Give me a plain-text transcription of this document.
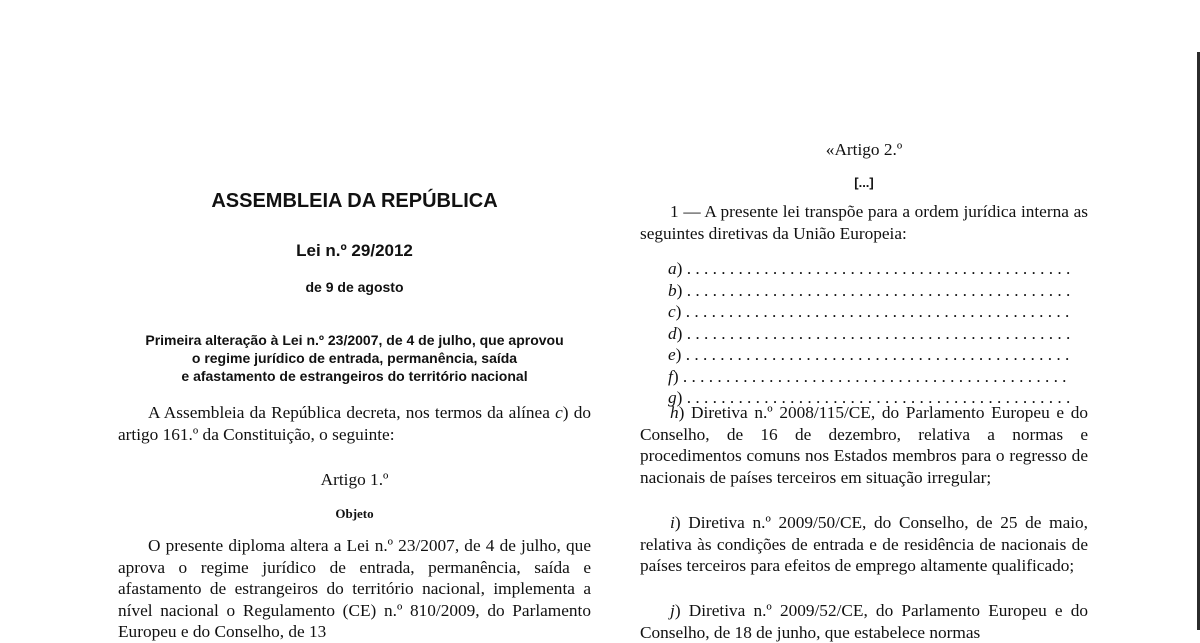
ASSEMBLEIA DA REPÚBLICA
Lei n.º 29/2012
de 9 de agosto
Primeira alteração à Lei n.º 23/2007, de 4 de julho, que aprovou
o regime jurídico de entrada, permanência, saída
e afastamento de estrangeiros do território nacional

A Assembleia da República decreta, nos termos da alínea c) do artigo 161.º da Constituição, o seguinte:

Artigo 1.º
Objeto

O presente diploma altera a Lei n.º 23/2007, de 4 de julho, que aprova o regime jurídico de entrada, permanência, saída e afastamento de estrangeiros do território nacional, implementa a nível nacional o Regulamento (CE) n.º 810/2009, do Parlamento Europeu e do Conselho, de 13

«Artigo 2.º
[...]

1 — A presente lei transpõe para a ordem jurídica interna as seguintes diretivas da União Europeia:

a) .............................................
b) .............................................
c) .............................................
d) .............................................
e) .............................................
f) .............................................
g) .............................................

h) Diretiva n.º 2008/115/CE, do Parlamento Europeu e do Conselho, de 16 de dezembro, relativa a normas e procedimentos comuns nos Estados membros para o regresso de nacionais de países terceiros em situação irregular;

i) Diretiva n.º 2009/50/CE, do Conselho, de 25 de maio, relativa às condições de entrada e de residência de nacionais de países terceiros para efeitos de emprego altamente qualificado;

j) Diretiva n.º 2009/52/CE, do Parlamento Europeu e do Conselho, de 18 de junho, que estabelece normas
